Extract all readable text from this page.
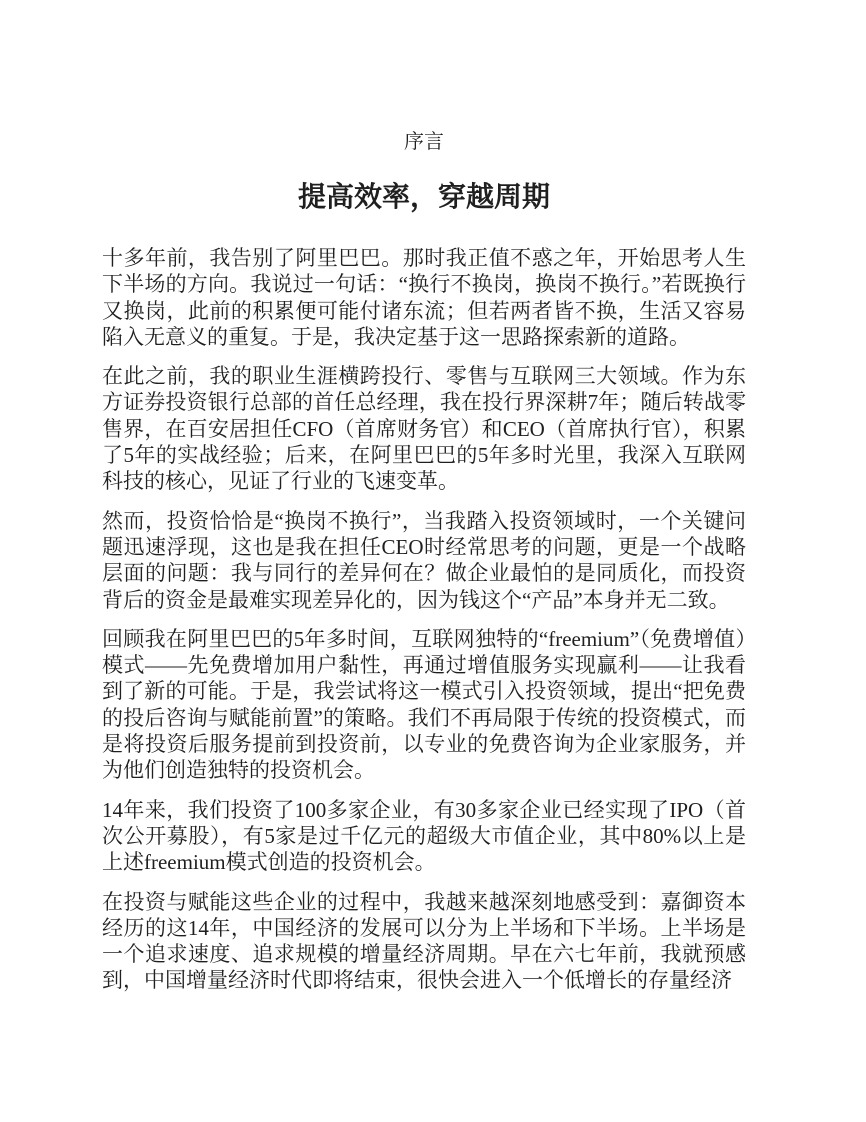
序言
提高效率，穿越周期

十多年前，我告别了阿里巴巴。那时我正值不惑之年，开始思考人生下半场的方向。我说过一句话：“换行不换岗，换岗不换行。”若既换行又换岗，此前的积累便可能付诸东流；但若两者皆不换，生活又容易陷入无意义的重复。于是，我决定基于这一思路探索新的道路。

在此之前，我的职业生涯横跨投行、零售与互联网三大领域。作为东方证券投资银行总部的首任总经理，我在投行界深耕7年；随后转战零售界，在百安居担任CFO（首席财务官）和CEO（首席执行官），积累了5年的实战经验；后来，在阿里巴巴的5年多时光里，我深入互联网科技的核心，见证了行业的飞速变革。

然而，投资恰恰是“换岗不换行”，当我踏入投资领域时，一个关键问题迅速浮现，这也是我在担任CEO时经常思考的问题，更是一个战略层面的问题：我与同行的差异何在？做企业最怕的是同质化，而投资背后的资金是最难实现差异化的，因为钱这个“产品”本身并无二致。

回顾我在阿里巴巴的5年多时间，互联网独特的“freemium”（免费增值）模式——先免费增加用户黏性，再通过增值服务实现赢利——让我看到了新的可能。于是，我尝试将这一模式引入投资领域，提出“把免费的投后咨询与赋能前置”的策略。我们不再局限于传统的投资模式，而是将投资后服务提前到投资前，以专业的免费咨询为企业家服务，并为他们创造独特的投资机会。

14年来，我们投资了100多家企业，有30多家企业已经实现了IPO（首次公开募股），有5家是过千亿元的超级大市值企业，其中80%以上是上述freemium模式创造的投资机会。

在投资与赋能这些企业的过程中，我越来越深刻地感受到：嘉御资本经历的这14年，中国经济的发展可以分为上半场和下半场。上半场是一个追求速度、追求规模的增量经济周期。早在六七年前，我就预感到，中国增量经济时代即将结束，很快会进入一个低增长的存量经济
